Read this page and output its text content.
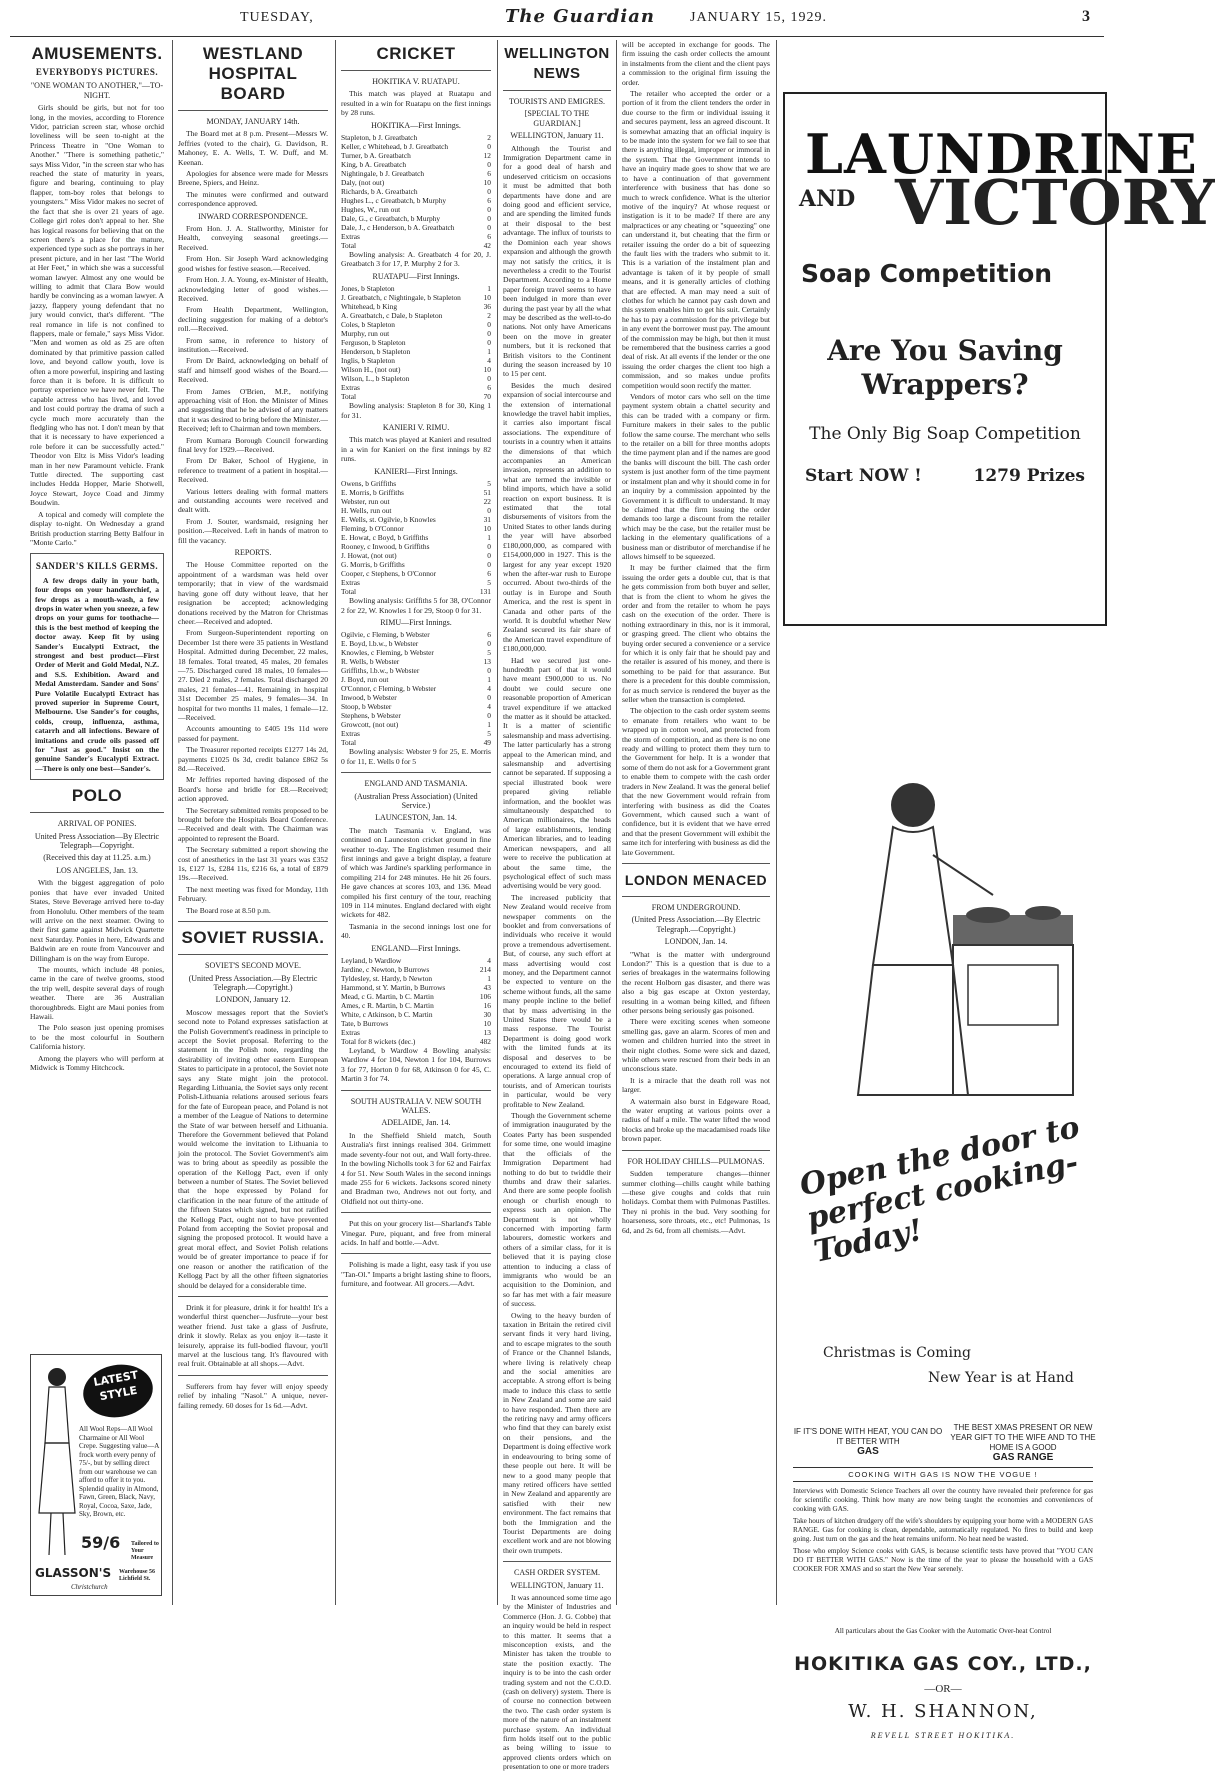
TUESDAY,	The Guardian	JANUARY 15, 1929.	3
AMUSEMENTS.
EVERYBODYS PICTURES.
"ONE WOMAN TO ANOTHER,"—TO-NIGHT.

Girls should be girls, but not for too long, in the movies, according to Florence Vidor, patrician screen star, whose orchid loveliness will be seen to-night at the Princess Theatre in "One Woman to Another." "There is something pathetic," says Miss Vidor, "in the screen star who has reached the state of maturity in years, figure and bearing, continuing to play flapper, tom-boy roles that belongs to youngsters." Miss Vidor makes no secret of the fact that she is over 21 years of age. College girl roles don't appeal to her. She has logical reasons for believing that on the screen there's a place for the mature, experienced type such as she portrays in her present picture, and in her last "The World at Her Feet," in which she was a successful woman lawyer. Almost any one would be willing to admit that Clara Bow would hardly be convincing as a woman lawyer. A jazzy, flappery young defendant that no jury would convict, that's different. "The real romance in life is not confined to flappers, male or female," says Miss Vidor. "Men and women as old as 25 are often dominated by that primitive passion called love, and beyond callow youth, love is often a more powerful, inspiring and lasting force than it is before. It is difficult to portray experience we have never felt. The capable actress who has lived, and loved and lost could portray the drama of such a cycle much more accurately than the fledgling who has not. I don't mean by that that it is necessary to have experienced a role before it can be successfully acted." Theodor von Eltz is Miss Vidor's leading man in her new Paramount vehicle. Frank Tuttle directed. The supporting cast includes Hedda Hopper, Marie Shotwell, Joyce Stewart, Joyce Coad and Jimmy Boudwin.

A topical and comedy will complete the display to-night. On Wednesday a grand British production starring Betty Balfour in "Monte Carlo."

SANDER'S KILLS GERMS.

A few drops daily in your bath, four drops on your handkerchief, a few drops as a mouth-wash, a few drops in water when you sneeze, a few drops on your gums for toothache—this is the best method of keeping the doctor away. Keep fit by using Sander's Eucalypti Extract, the strongest and best product—First Order of Merit and Gold Medal, N.Z. and S.S. Exhibition. Award and Medal Amsterdam. Sander and Sons' Pure Volatile Eucalypti Extract has proved superior in Supreme Court, Melbourne. Use Sander's for coughs, colds, croup, influenza, asthma, catarrh and all infections. Beware of imitations and crude oils passed off for "Just as good." Insist on the genuine Sander's Eucalypti Extract.—There is only one best—Sander's.

POLO
ARRIVAL OF PONIES.
United Press Association—By Electric Telegraph—Copyright.
(Received this day at 11.25. a.m.)
LOS ANGELES, Jan. 13.

With the biggest aggregation of polo ponies that have ever invaded United States, Steve Beverage arrived here to-day from Honolulu. Other members of the team will arrive on the next steamer. Owing to their first game against Midwick Quartette next Saturday. Ponies in here, Edwards and Baldwin are en route from Vancouver and Dillingham is on the way from Europe.

The mounts, which include 48 ponies, came in the care of twelve grooms, stood the trip well, despite several days of rough weather. There are 36 Australian thoroughbreds. Eight are Maui ponies from Hawaii.

The Polo season just opening promises to be the most colourful in Southern California history.

Among the players who will perform at Midwick is Tommy Hitchcock.

LATEST STYLE
All Wool Reps—All Wool Charmaine or All Wool Crepe. Suggesting value—A frock worth every penny of 75/-, but by selling direct from our warehouse we can afford to offer it to you. Splendid quality in Almond, Fawn, Green, Black, Navy, Royal, Cocoa, Saxe, Jade, Sky, Brown, etc.
59/6 Tailored to Your Measure
GLASSON'S Warehouse 56 Lichfield St.
Christchurch
WESTLAND HOSPITAL BOARD
MONDAY, JANUARY 14th.

The Board met at 8 p.m. Present—Messrs W. Jeffries (voted to the chair), G. Davidson, R. Mahoney, E. A. Wells, T. W. Duff, and M. Keenan.

Apologies for absence were made for Messrs Breene, Spiers, and Heinz.

The minutes were confirmed and outward correspondence approved.

INWARD CORRESPONDENCE.

From Hon. J. A. Stallworthy, Minister for Health, conveying seasonal greetings.—Received.

From Hon. Sir Joseph Ward acknowledging good wishes for festive season.—Received.

From Hon. J. A. Young, ex-Minister of Health, acknowledging letter of good wishes.—Received.

From Health Department, Wellington, declining suggestion for making of a debtor's roll.—Received.

From same, in reference to history of institution.—Received.

From Dr Baird, acknowledging on behalf of staff and himself good wishes of the Board.—Received.

From James O'Brien, M.P., notifying approaching visit of Hon. the Minister of Mines and suggesting that he be advised of any matters that it was desired to bring before the Minister.—Received; left to Chairman and town members.

From Kumara Borough Council forwarding final levy for 1929.—Received.

From Dr Baker, School of Hygiene, in reference to treatment of a patient in hospital.—Received.

Various letters dealing with formal matters and outstanding accounts were received and dealt with.

From J. Souter, wardsmaid, resigning her position.—Received. Left in hands of matron to fill the vacancy.

REPORTS.

The House Committee reported on the appointment of a wardsman was held over temporarily; that in view of the wardsmaid having gone off duty without leave, that her resignation be accepted; acknowledging donations received by the Matron for Christmas cheer.—Received and adopted.

From Surgeon-Superintendent reporting on December 1st there were 35 patients in Westland Hospital. Admitted during December, 22 males, 18 females. Total treated, 45 males, 20 females—75. Discharged cured 18 males, 10 females—27. Died 2 males, 2 females. Total discharged 20 males, 21 females—41. Remaining in hospital 31st December 25 males, 9 females—34. In hospital for two months 11 males, 1 female—12.—Received.

Accounts amounting to £405 19s 11d were passed for payment.

The Treasurer reported receipts £1277 14s 2d, payments £1025 0s 3d, credit balance £862 5s 8d.—Received.

Mr Jeffries reported having disposed of the Board's horse and bridle for £8.—Received; action approved.

The Secretary submitted remits proposed to be brought before the Hospitals Board Conference.—Received and dealt with. The Chairman was appointed to represent the Board.

The Secretary submitted a report showing the cost of anesthetics in the last 31 years was £352 1s, £127 1s, £284 11s, £216 6s, a total of £879 19s.—Received.

The next meeting was fixed for Monday, 11th February.

The Board rose at 8.50 p.m.

SOVIET RUSSIA.
SOVIET'S SECOND MOVE.
(United Press Association.—By Electric Telegraph.—Copyright.)
LONDON, January 12.

Moscow messages report that the Soviet's second note to Poland expresses satisfaction at the Polish Government's readiness in principle to accept the Soviet proposal. Referring to the statement in the Polish note, regarding the desirability of inviting other eastern European States to participate in a protocol, the Soviet note says any State might join the protocol. Regarding Lithuania, the Soviet says only recent Polish-Lithuania relations aroused serious fears for the fate of European peace, and Poland is not a member of the League of Nations to determine the State of war between herself and Lithuania. Therefore the Government believed that Poland would welcome the invitation to Lithuania to join the protocol. The Soviet Government's aim was to bring about as speedily as possible the operation of the Kellogg Pact, even if only between a number of States. The Soviet believed that the hope expressed by Poland for clarification in the near future of the attitude of the fifteen States which signed, but not ratified the Kellogg Pact, ought not to have prevented Poland from accepting the Soviet proposal and signing the proposed protocol. It would have a great moral effect, and Soviet Polish relations would be of greater importance to peace if for one reason or another the ratification of the Kellogg Pact by all the other fifteen signatories should be delayed for a considerable time.

Drink it for pleasure, drink it for health! It's a wonderful thirst quencher—Jusfrute—your best weather friend. Just take a glass of Jusfrute, drink it slowly. Relax as you enjoy it—taste it leisurely, appraise its full-bodied flavour, you'll marvel at the luscious tang. It's flavoured with real fruit. Obtainable at all shops.—Advt.

Sufferers from hay fever will enjoy speedy relief by inhaling "Nasol." A unique, never-failing remedy. 60 doses for 1s 6d.—Advt.

CRICKET
HOKITIKA V. RUATAPU.

This match was played at Ruatapu and resulted in a win for Ruatapu on the first innings by 28 runs.

HOKITIKA—First Innings.
Stapleton, b J. Greatbatch	2
Keller, c Whitehead, b J. Greatbatch	0
Turner, b A. Greatbatch	12
King, b A. Greatbatch	0
Nightingale, b J. Greatbatch	6
Daly, (not out)	10
Richards, b A. Greatbatch	0
Hughes L., c Greatbatch, b Murphy	6
Hughes, W., run out	0
Dale, G., c Greatbatch, b Murphy	0
Dale, J., c Henderson, b A. Greatbatch	0
Extras	6
Total	42

Bowling analysis: A. Greatbatch 4 for 20, J. Greatbatch 3 for 17, P. Murphy 2 for 3.

RUATAPU—First Innings.
Jones, b Stapleton	1
J. Greatbatch, c Nightingale, b Stapleton	10
Whitehead, b King	36
A. Greatbatch, c Dale, b Stapleton	2
Coles, b Stapleton	0
Murphy, run out	0
Ferguson, b Stapleton	0
Henderson, b Stapleton	1
Inglis, b Stapleton	4
Wilson H., (not out)	10
Wilson, L., b Stapleton	0
Extras	6
Total	70

Bowling analysis: Stapleton 8 for 30, King 1 for 31.

KANIERI V. RIMU.

This match was played at Kanieri and resulted in a win for Kanieri on the first innings by 82 runs.

KANIERI—First Innings.
Owens, b Griffiths	5
E. Morris, b Griffiths	51
Webster, run out	22
H. Wells, run out	0
E. Wells, st. Ogilvie, b Knowles	31
Fleming, b O'Connor	10
E. Howat, c Boyd, b Griffiths	1
Rooney, c Inwood, b Griffiths	0
J. Howat, (not out)	0
G. Morris, b Griffiths	0
Cooper, c Stephens, b O'Connor	6
Extras	5
Total	131

Bowling analysis: Griffiths 5 for 38, O'Connor 2 for 22, W. Knowles 1 for 29, Stoop 0 for 31.

RIMU—First Innings.
Ogilvie, c Fleming, b Webster	6
E. Boyd, l.b.w., b Webster	0
Knowles, c Fleming, b Webster	5
R. Wells, b Webster	13
Griffiths, l.b.w., b Webster	0
J. Boyd, run out	1
O'Connor, c Fleming, b Webster	4
Inwood, b Webster	0
Stoop, b Webster	4
Stephens, b Webster	0
Growcott, (not out)	1
Extras	5
Total	49

Bowling analysis: Webster 9 for 25, E. Morris 0 for 11, E. Wells 0 for 5

ENGLAND AND TASMANIA.
(Australian Press Association) (United Service.)
LAUNCESTON, Jan. 14.

The match Tasmania v. England, was continued on Launceston cricket ground in fine weather to-day. The Englishmen resumed their first innings and gave a bright display, a feature of which was Jardine's sparkling performance in compiling 214 for 248 minutes. He hit 26 fours. He gave chances at scores 103, and 136. Mead compiled his first century of the tour, reaching 109 in 114 minutes. England declared with eight wickets for 482.

Tasmania in the second innings lost one for 40.

ENGLAND—First Innings.
Leyland, b Wardlow	4
Jardine, c Newton, b Burrows	214
Tyldesley, st. Hardy, b Newton	1
Hammond, st Y. Martin, b Burrows	43
Mead, c G. Martin, b C. Martin	106
Ames, c R. Martin, b C. Martin	16
White, c Atkinson, b C. Martin	30
Tate, b Burrows	10
Extras	13
Total for 8 wickets (dec.)	482

Leyland, b Wardlow 4 Bowling analysis: Wardlow 4 for 104, Newton 1 for 104, Burrows 3 for 77, Horton 0 for 68, Atkinson 0 for 45, C. Martin 3 for 74.

SOUTH AUSTRALIA V. NEW SOUTH WALES.
ADELAIDE, Jan. 14.

In the Sheffield Shield match, South Australia's first innings realised 304. Grimmett made seventy-four not out, and Wall forty-three. In the bowling Nicholls took 3 for 62 and Fairfax 4 for 51. New South Wales in the second innings made 255 for 6 wickets. Jacksons scored ninety and Bradman two, Andrews not out forty, and Oldfield not out thirty-one.

Put this on your grocery list—Sharland's Table Vinegar. Pure, piquant, and free from mineral acids. In half and bottle.—Advt.

Polishing is made a light, easy task if you use "Tan-Ol." Imparts a bright lasting shine to floors, furniture, and footwear. All grocers.—Advt.

WELLINGTON NEWS
TOURISTS AND EMIGRES.
[SPECIAL TO THE GUARDIAN.]
WELLINGTON, January 11.

Although the Tourist and Immigration Department came in for a good deal of harsh and undeserved criticism on occasions it must be admitted that both departments have done and are doing good and efficient service, and are spending the limited funds at their disposal to the best advantage. The influx of tourists to the Dominion each year shows expansion and although the growth may not satisfy the critics, it is nevertheless a credit to the Tourist Department. According to a Home paper foreign travel seems to have been indulged in more than ever during the past year by all the what may be described as the well-to-do nations. Not only have Americans been on the move in greater numbers, but it is reckoned that British visitors to the Continent during the season increased by 10 to 15 per cent.

Besides the much desired expansion of social intercourse and the extension of international knowledge the travel habit implies, it carries also important fiscal associations. The expenditure of tourists in a country when it attains the dimensions of that which accompanies an American invasion, represents an addition to what are termed the invisible or blind imports, which have a solid reaction on export business. It is estimated that the total disbursements of visitors from the United States to other lands during the year will have absorbed £180,000,000, as compared with £154,000,000 in 1927. This is the largest for any year except 1920 when the after-war rush to Europe occurred. About two-thirds of the outlay is in Europe and South America, and the rest is spent in Canada and other parts of the world. It is doubtful whether New Zealand secured its fair share of the American travel expenditure of £180,000,000.

Had we secured just one-hundredth part of that it would have meant £900,000 to us. No doubt we could secure one reasonable proportion of American travel expenditure if we attacked the matter as it should be attacked. It is a matter of scientific salesmanship and mass advertising. The latter particularly has a strong appeal to the American mind, and salesmanship and advertising cannot be separated. If supposing a special illustrated book were prepared giving reliable information, and the booklet was simultaneously despatched to American millionaires, the heads of large establishments, lending American libraries, and to leading American newspapers, and all were to receive the publication at about the same time, the psychological effect of such mass advertising would be very good.

The increased publicity that New Zealand would receive from newspaper comments on the booklet and from conversations of individuals who receive it would prove a tremendous advertisement. But, of course, any such effort at mass advertising would cost money, and the Department cannot be expected to venture on the scheme without funds, all the same many people incline to the belief that by mass advertising in the United States there would be a mass response. The Tourist Department is doing good work with the limited funds at its disposal and deserves to be encouraged to extend its field of operations. A large annual crop of tourists, and of American tourists in particular, would be very profitable to New Zealand.

Though the Government scheme of immigration inaugurated by the Coates Party has been suspended for some time, one would imagine that the officials of the Immigration Department had nothing to do but to twiddle their thumbs and draw their salaries. And there are some people foolish enough or churlish enough to express such an opinion. The Department is not wholly concerned with importing farm labourers, domestic workers and others of a similar class, for it is believed that it is paying close attention to inducing a class of immigrants who would be an acquisition to the Dominion, and so far has met with a fair measure of success.

Owing to the heavy burden of taxation in Britain the retired civil servant finds it very hard living, and to escape migrates to the south of France or the Channel Islands, where living is relatively cheap and the social amenities are acceptable. A strong effort is being made to induce this class to settle in New Zealand and some are said to have responded. Then there are the retiring navy and army officers who find that they can barely exist on their pensions, and the Department is doing effective work in endeavouring to bring some of these people out here. It will be new to a good many people that many retired officers have settled in New Zealand and apparently are satisfied with their new environment. The fact remains that both the Immigration and the Tourist Departments are doing excellent work and are not blowing their own trumpets.

CASH ORDER SYSTEM.
WELLINGTON, January 11.

It was announced some time ago by the Minister of Industries and Commerce (Hon. J. G. Cobbe) that an inquiry would be held in respect to this matter. It seems that a misconception exists, and the Minister has taken the trouble to state the position exactly. The inquiry is to be into the cash order trading system and not the C.O.D. (cash on delivery) system. There is of course no connection between the two. The cash order system is more of the nature of an instalment purchase system. An individual firm holds itself out to the public as being willing to issue to approved clients orders which on presentation to one or more traders

will be accepted in exchange for goods. The firm issuing the cash order collects the amount in instalments from the client and the client pays a commission to the original firm issuing the order.

The retailer who accepted the order or a portion of it from the client tenders the order in due course to the firm or individual issuing it and secures payment, less an agreed discount. It is somewhat amazing that an official inquiry is to be made into the system for we fail to see that there is anything illegal, improper or immoral in the system. That the Government intends to have an inquiry made goes to show that we are to have a continuation of that government interference with business that has done so much to wreck confidence. What is the ulterior motive of the inquiry? At whose request or instigation is it to be made? If there are any malpractices or any cheating or "squeezing" one can understand it, but cheating that the firm or retailer issuing the order do a bit of squeezing the fault lies with the traders who submit to it. This is a variation of the instalment plan and advantage is taken of it by people of small means, and it is generally articles of clothing that are effected. A man may need a suit of clothes for which he cannot pay cash down and this system enables him to get his suit. Certainly he has to pay a commission for the privilege but in any event the borrower must pay. The amount of the commission may be high, but then it must be remembered that the business carries a good deal of risk. At all events if the lender or the one issuing the order charges the client too high a commission, and so makes undue profits competition would soon rectify the matter.

Vendors of motor cars who sell on the time payment system obtain a chattel security and this can be traded with a company or firm. Furniture makers in their sales to the public follow the same course. The merchant who sells to the retailer on a bill for three months adopts the time payment plan and if the names are good the banks will discount the bill. The cash order system is just another form of the time payment or instalment plan and why it should come in for an inquiry by a commission appointed by the Government it is difficult to understand. It may be claimed that the firm issuing the order demands too large a discount from the retailer which may be the case, but the retailer must be lacking in the elementary qualifications of a business man or distributor of merchandise if he allows himself to be squeezed.

It may be further claimed that the firm issuing the order gets a double cut, that is that he gets commission from both buyer and seller, that is from the client to whom he gives the order and from the retailer to whom he pays cash on the execution of the order. There is nothing extraordinary in this, nor is it immoral, or grasping greed. The client who obtains the buying order secured a convenience or a service for which it is only fair that he should pay and the retailer is assured of his money, and there is something to be paid for that assurance. But there is a precedent for this double commission, for as much service is rendered the buyer as the seller when the transaction is completed.

The objection to the cash order system seems to emanate from retailers who want to be wrapped up in cotton wool, and protected from the storm of competition, and as there is no one ready and willing to protect them they turn to the Government for help. It is a wonder that some of them do not ask for a Government grant to enable them to compete with the cash order traders in New Zealand. It was the general belief that the new Government would refrain from interfering with business as did the Coates Government, which caused such a want of confidence, but it is evident that we have erred and that the present Government will exhibit the same itch for interfering with business as did the late Government.

LONDON MENACED
FROM UNDERGROUND.
(United Press Association.—By Electric Telegraph.—Copyright.)
LONDON, Jan. 14.

"What is the matter with underground London?" This is a question that is due to a series of breakages in the watermains following the recent Holborn gas disaster, and there was also a big gas escape at Oxton yesterday, resulting in a woman being killed, and fifteen other persons being seriously gas poisoned.

There were exciting scenes when someone smelling gas, gave an alarm. Scores of men and women and children hurried into the street in their night clothes. Some were sick and dazed, while others were rescued from their beds in an unconscious state.

It is a miracle that the death roll was not larger.

A watermain also burst in Edgeware Road, the water erupting at various points over a radius of half a mile. The water lifted the wood blocks and broke up the macadamised roads like brown paper.

FOR HOLIDAY CHILLS—PULMONAS.

Sudden temperature changes—thinner summer clothing—chills caught while bathing—these give coughs and colds that ruin holidays. Combat them with Pulmonas Pastilles. They ni prohis in the bud. Very soothing for hoarseness, sore throats, etc., etc! Pulmonas, 1s 6d, and 2s 6d, from all chemists.—Advt.

LAUNDRINE
AND VICTORY
Soap Competition
Are You Saving Wrappers?
The Only Big Soap Competition
Start NOW !	1279 Prizes
Open the door to perfect cooking-Today!
Christmas is Coming
New Year is at Hand
IF IT'S DONE WITH HEAT, YOU CAN DO IT BETTER WITH
GAS
THE BEST XMAS PRESENT OR NEW YEAR GIFT TO THE WIFE AND TO THE HOME IS A GOOD
GAS RANGE
COOKING WITH GAS IS NOW THE VOGUE !

Interviews with Domestic Science Teachers all over the country have revealed their preference for gas for scientific cooking. Think how many are now being taught the economies and conveniences of cooking with GAS.

Take hours of kitchen drudgery off the wife's shoulders by equipping your home with a MODERN GAS RANGE. Gas for cooking is clean, dependable, automatically regulated. No fires to build and keep going. Just turn on the gas and the heat remains uniform. No heat need be wasted.

Those who employ Science cooks with GAS, is because scientific tests have proved that "YOU CAN DO IT BETTER WITH GAS." Now is the time of the year to please the household with a GAS COOKER FOR XMAS and so start the New Year serenely.

All particulars about the Gas Cooker with the Automatic Over-heat Control
HOKITIKA GAS COY., LTD.,
—OR—
W. H. SHANNON,
REVELL STREET HOKITIKA.
